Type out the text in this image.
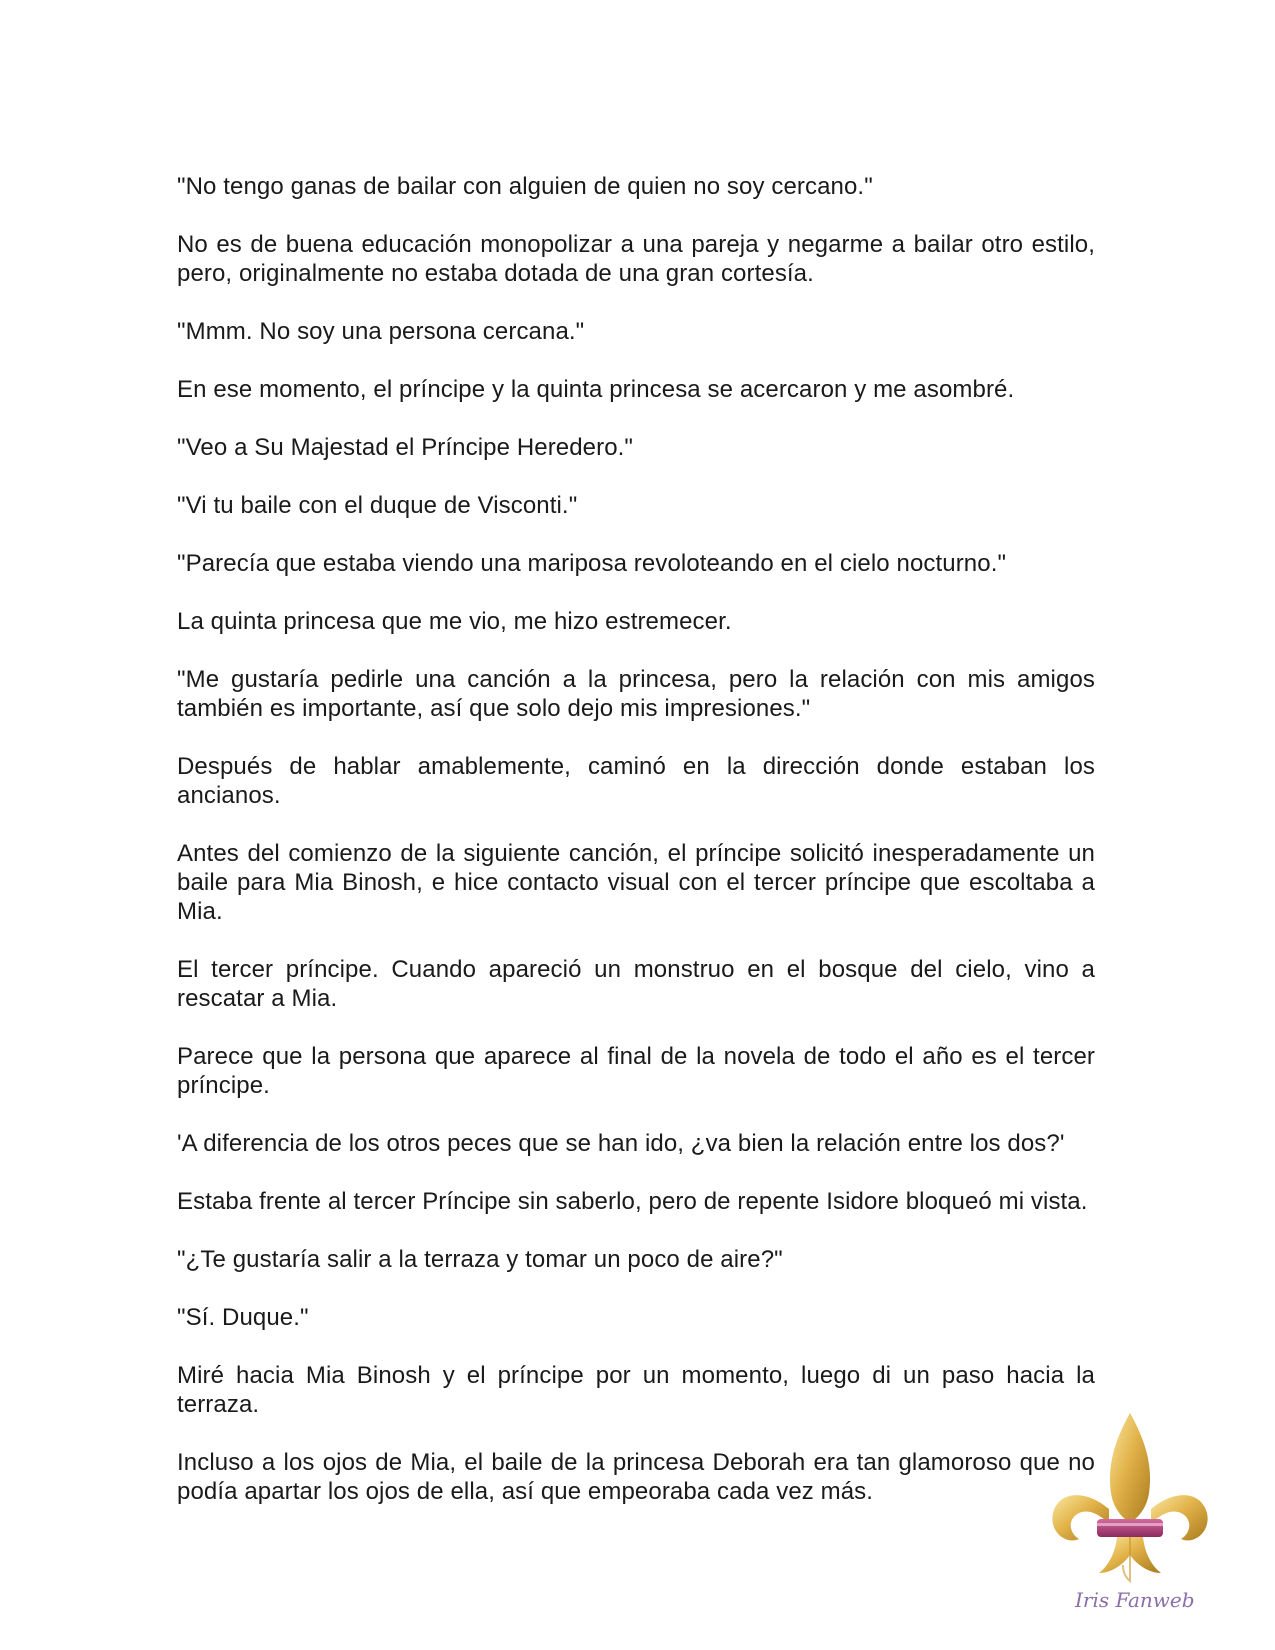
"No tengo ganas de bailar con alguien de quien no soy cercano."

No es de buena educación monopolizar a una pareja y negarme a bailar otro estilo, pero, originalmente no estaba dotada de una gran cortesía.

"Mmm. No soy una persona cercana."

En ese momento, el príncipe y la quinta princesa se acercaron y me asombré.

"Veo a Su Majestad el Príncipe Heredero."

"Vi tu baile con el duque de Visconti."

"Parecía que estaba viendo una mariposa revoloteando en el cielo nocturno."

La quinta princesa que me vio, me hizo estremecer.

"Me gustaría pedirle una canción a la princesa, pero la relación con mis amigos también es importante, así que solo dejo mis impresiones."

Después de hablar amablemente, caminó en la dirección donde estaban los ancianos.

Antes del comienzo de la siguiente canción, el príncipe solicitó inesperadamente un baile para Mia Binosh, e hice contacto visual con el tercer príncipe que escoltaba a Mia.

El tercer príncipe. Cuando apareció un monstruo en el bosque del cielo, vino a rescatar a Mia.

Parece que la persona que aparece al final de la novela de todo el año es el tercer príncipe.

'A diferencia de los otros peces que se han ido, ¿va bien la relación entre los dos?'

Estaba frente al tercer Príncipe sin saberlo, pero de repente Isidore bloqueó mi vista.

"¿Te gustaría salir a la terraza y tomar un poco de aire?"

"Sí. Duque."

Miré hacia Mia Binosh y el príncipe por un momento, luego di un paso hacia la terraza.

Incluso a los ojos de Mia, el baile de la princesa Deborah era tan glamoroso que no podía apartar los ojos de ella, así que empeoraba cada vez más.

Iris Fanweb
